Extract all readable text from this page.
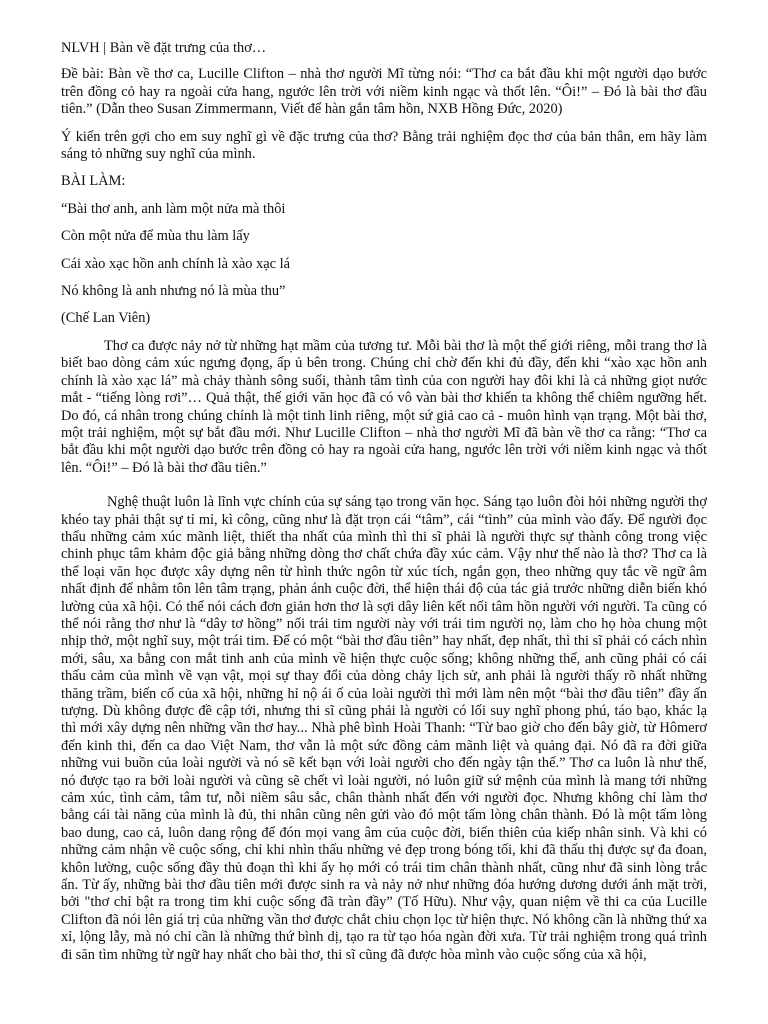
NLVH | Bàn về đặt trưng của thơ…

Đề bài: Bàn về thơ ca, Lucille Clifton – nhà thơ người Mĩ từng nói: “Thơ ca bắt đầu khi một người dạo bước trên đồng cỏ hay ra ngoài cửa hang, ngước lên trời với niềm kinh ngạc và thốt lên. “Ôi!” – Đó là bài thơ đầu tiên.” (Dẫn theo Susan Zimmermann, Viết để hàn gắn tâm hồn, NXB Hồng Đức, 2020)

Ý kiến trên gợi cho em suy nghĩ gì về đặc trưng của thơ? Bằng trải nghiệm đọc thơ của bản thân, em hãy làm sáng tỏ những suy nghĩ của mình.

BÀI LÀM:

“Bài thơ anh, anh làm một nửa mà thôi

Còn một nửa để mùa thu làm lấy

Cái xào xạc hồn anh chính là xào xạc lá

Nó không là anh nhưng nó là mùa thu”

(Chế Lan Viên)

Thơ ca được nảy nở từ những hạt mầm của tương tư. Mỗi bài thơ là một thế giới riêng, mỗi trang thơ là biết bao dòng cảm xúc ngưng đọng, ấp ủ bên trong. Chúng chỉ chờ đến khi đủ đầy, đến khi “xào xạc hồn anh chính là xào xạc lá” mà chảy thành sông suối, thành tâm tình của con người hay đôi khi là cả những giọt nước mắt - “tiếng lòng rơi”… Quả thật, thế giới văn học đã có vô vàn bài thơ khiến ta không thể chiêm ngưỡng hết. Do đó, cá nhân trong chúng chính là một tinh linh riêng, một sứ giả cao cả - muôn hình vạn trạng. Một bài thơ, một trải nghiệm, một sự bắt đầu mới. Như Lucille Clifton – nhà thơ người Mĩ đã bàn về thơ ca rằng: “Thơ ca bắt đầu khi một người dạo bước trên đồng cỏ hay ra ngoài cửa hang, ngước lên trời với niềm kinh ngạc và thốt lên. “Ôi!” – Đó là bài thơ đầu tiên.”

Nghệ thuật luôn là lĩnh vực chính của sự sáng tạo trong văn học. Sáng tạo luôn đòi hỏi những người thợ khéo tay phải thật sự tỉ mỉ, kì công, cũng như là đặt trọn cái “tâm”, cái “tình” của mình vào đấy. Để người đọc thấu những cảm xúc mãnh liệt, thiết tha nhất của mình thì thi sĩ phải là người thực sự thành công trong việc chinh phục tâm khảm độc giả bằng những dòng thơ chất chứa đầy xúc cảm. Vậy như thế nào là thơ? Thơ ca là thể loại văn học được xây dựng nên từ hình thức ngôn từ xúc tích, ngắn gọn, theo những quy tắc về ngữ âm nhất định để nhằm tôn lên tâm trạng, phản ánh cuộc đời, thể hiện thái độ của tác giả trước những diễn biến khó lường của xã hội. Có thể nói cách đơn giản hơn thơ là sợi dây liên kết nối tâm hồn người với người. Ta cũng có thể nói rằng thơ như là “dây tơ hồng” nối trái tim người này với trái tim người nọ, làm cho họ hòa chung một nhịp thở, một nghĩ suy, một trái tim. Để có một “bài thơ đầu tiên” hay nhất, đẹp nhất, thì thi sĩ phải có cách nhìn mới, sâu, xa bằng con mắt tinh anh của mình về hiện thực cuộc sống; không những thế, anh cũng phải có cái thấu cảm của mình về vạn vật, mọi sự thay đổi của dòng chảy lịch sử, anh phải là người thấy rõ nhất những thăng trầm, biến cố của xã hội, những hỉ nộ ái ố của loài người thì mới làm nên một “bài thơ đầu tiên” đầy ấn tượng. Dù không được đề cập tới, nhưng thi sĩ cũng phải là người có lối suy nghĩ phong phú, táo bạo, khác lạ thì mới xây dựng nên những vần thơ hay... Nhà phê bình Hoài Thanh: “Từ bao giờ cho đến bây giờ, từ Hômerơ đến kinh thi, đến ca dao Việt Nam, thơ vẫn là một sức đồng cảm mãnh liệt và quảng đại. Nó đã ra đời giữa những vui buồn của loài người và nó sẽ kết bạn với loài người cho đến ngày tận thế.” Thơ ca luôn là như thế, nó được tạo ra bởi loài người và cũng sẽ chết vì loài người, nó luôn giữ sứ mệnh của mình là mang tới những cảm xúc, tình cảm, tâm tư, nỗi niềm sâu sắc, chân thành nhất đến với người đọc. Nhưng không chỉ làm thơ bằng cái tài năng của mình là đủ, thi nhân cũng nên gửi vào đó một tấm lòng chân thành. Đó là một tấm lòng bao dung, cao cả, luôn dang rộng để đón mọi vang âm của cuộc đời, biến thiên của kiếp nhân sinh. Và khi có những cảm nhận về cuộc sống, chỉ khi nhìn thấu những vẻ đẹp trong bóng tối, khi đã thấu thị được sự đa đoan, khôn lường, cuộc sống đầy thủ đoạn thì khi ấy họ mới có trái tim chân thành nhất, cũng như đã sinh lòng trắc ẩn. Từ ấy, những bài thơ đầu tiên mới được sinh ra và nảy nở như những đóa hướng dương dưới ánh mặt trời, bởi "thơ chỉ bật ra trong tim khi cuộc sống đã tràn đầy” (Tố Hữu). Như vậy, quan niệm về thi ca của Lucille Clifton đã nói lên giá trị của những vần thơ được chắt chiu chọn lọc từ hiện thực. Nó không cần là những thứ xa xỉ, lộng lẫy, mà nó chỉ cần là những thứ bình dị, tạo ra từ tạo hóa ngàn đời xưa. Từ trải nghiệm trong quá trình đi săn tìm những từ ngữ hay nhất cho bài thơ, thi sĩ cũng đã được hòa mình vào cuộc sống của xã hội,
